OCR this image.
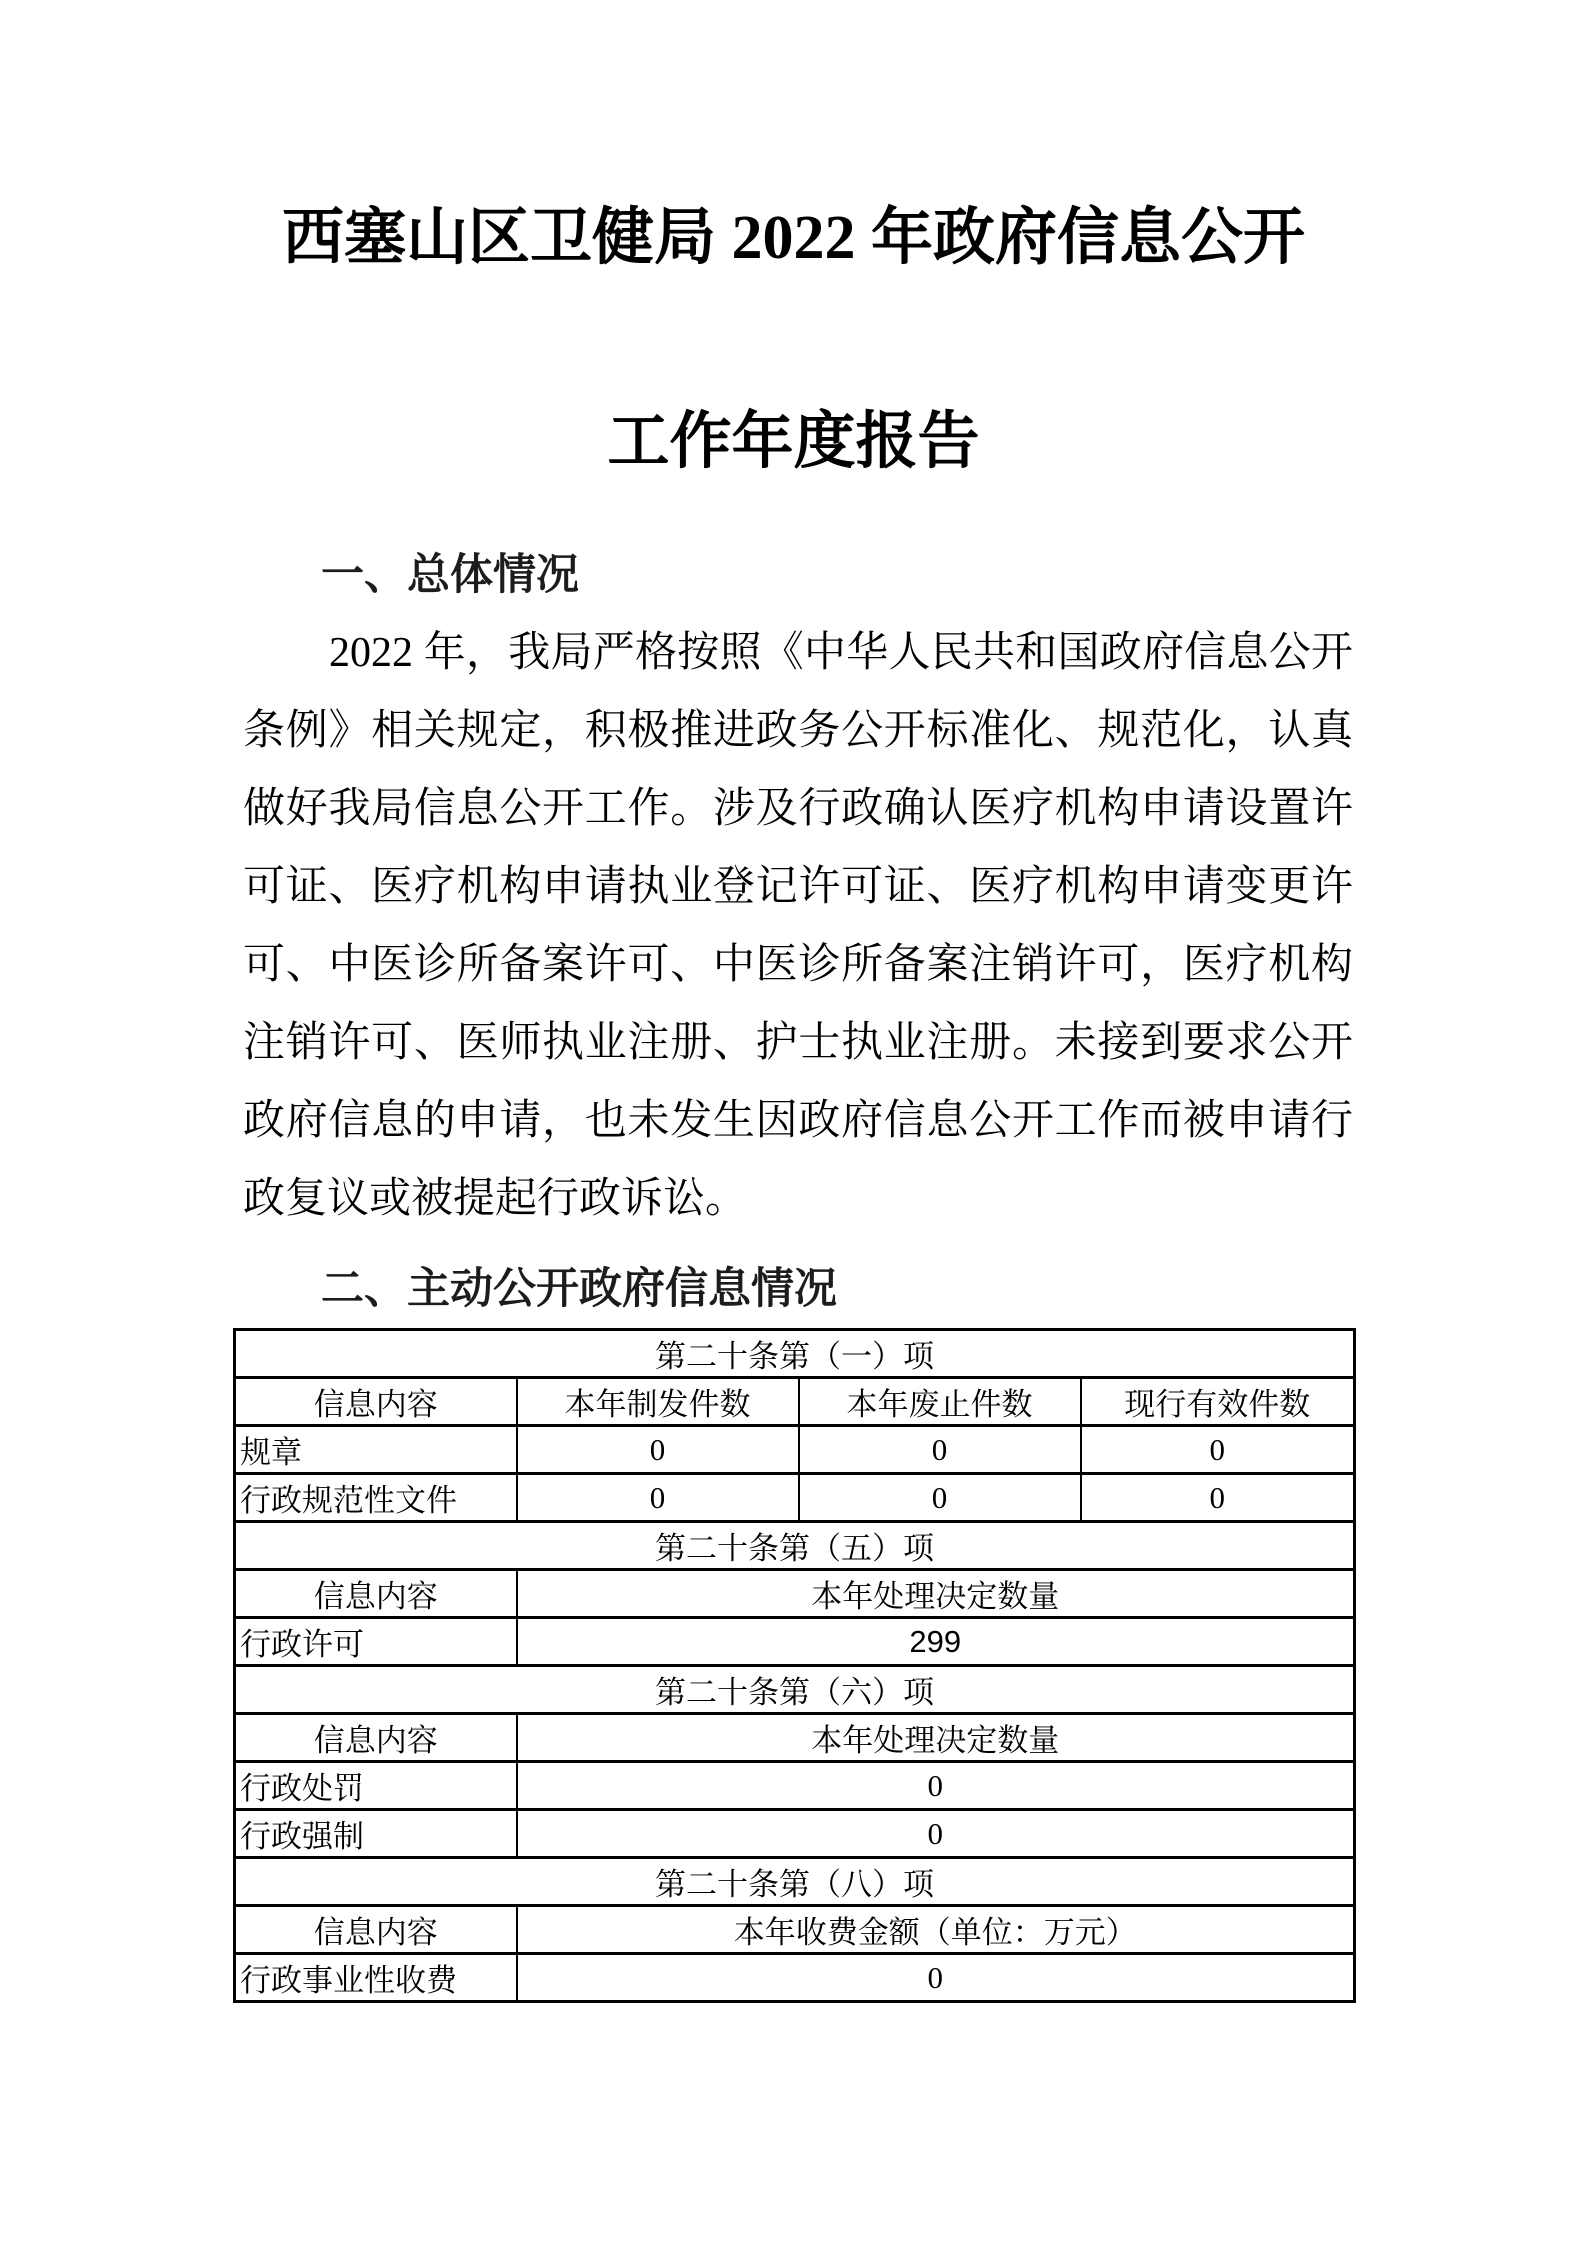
西塞山区卫健局 2022 年政府信息公开
工作年度报告
一、总体情况
2022 年，我局严格按照《中华人民共和国政府信息公开
条例》相关规定，积极推进政务公开标准化、规范化，认真
做好我局信息公开工作。涉及行政确认医疗机构申请设置许
可证、医疗机构申请执业登记许可证、医疗机构申请变更许
可、中医诊所备案许可、中医诊所备案注销许可，医疗机构
注销许可、医师执业注册、护士执业注册。未接到要求公开
政府信息的申请，也未发生因政府信息公开工作而被申请行
政复议或被提起行政诉讼。
二、主动公开政府信息情况
第二十条第（一）项			
信息内容	本年制发件数	本年废止件数	现行有效件数
规章	0	0	0
行政规范性文件	0	0	0
第二十条第（五）项			
信息内容	本年处理决定数量		
行政许可	299		
第二十条第（六）项			
信息内容	本年处理决定数量		
行政处罚	0		
行政强制	0		
第二十条第（八）项			
信息内容	本年收费金额（单位：万元）		
行政事业性收费	0		
